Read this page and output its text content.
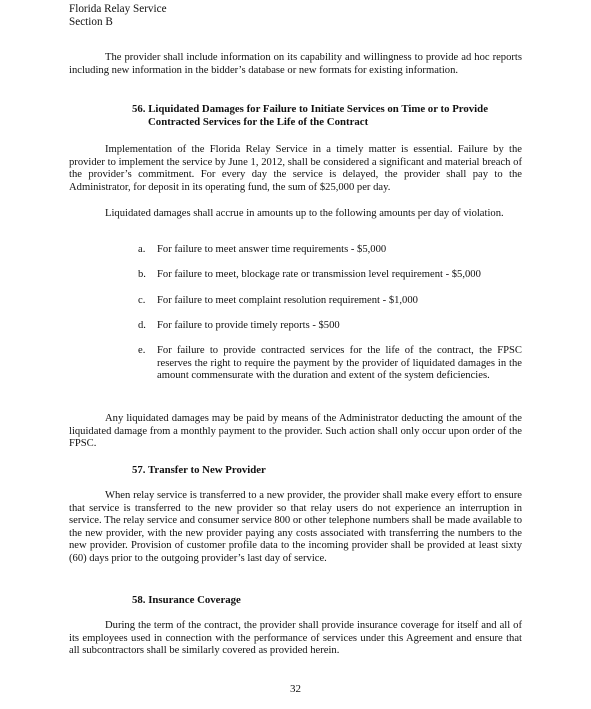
Florida Relay Service
Section B

The provider shall include information on its capability and willingness to provide ad hoc reports including new information in the bidder’s database or new formats for existing information.

56. Liquidated Damages for Failure to Initiate Services on Time or to Provide
Contracted Services for the Life of the Contract

Implementation of the Florida Relay Service in a timely matter is essential. Failure by the provider to implement the service by June 1, 2012, shall be considered a significant and material breach of the provider’s commitment. For every day the service is delayed, the provider shall pay to the Administrator, for deposit in its operating fund, the sum of $25,000 per day.

Liquidated damages shall accrue in amounts up to the following amounts per day of violation.

a.	For failure to meet answer time requirements - $5,000
b.	For failure to meet, blockage rate or transmission level requirement - $5,000
c.	For failure to meet complaint resolution requirement - $1,000
d.	For failure to provide timely reports - $500
e.	For failure to provide contracted services for the life of the contract, the FPSC reserves the right to require the payment by the provider of liquidated damages in the amount commensurate with the duration and extent of the system deficiencies.

Any liquidated damages may be paid by means of the Administrator deducting the amount of the liquidated damage from a monthly payment to the provider. Such action shall only occur upon order of the FPSC.

57. Transfer to New Provider

When relay service is transferred to a new provider, the provider shall make every effort to ensure that service is transferred to the new provider so that relay users do not experience an interruption in service. The relay service and consumer service 800 or other telephone numbers shall be made available to the new provider, with the new provider paying any costs associated with transferring the numbers to the new provider. Provision of customer profile data to the incoming provider shall be provided at least sixty (60) days prior to the outgoing provider’s last day of service.

58. Insurance Coverage

During the term of the contract, the provider shall provide insurance coverage for itself and all of its employees used in connection with the performance of services under this Agreement and ensure that all subcontractors shall be similarly covered as provided herein.

32
